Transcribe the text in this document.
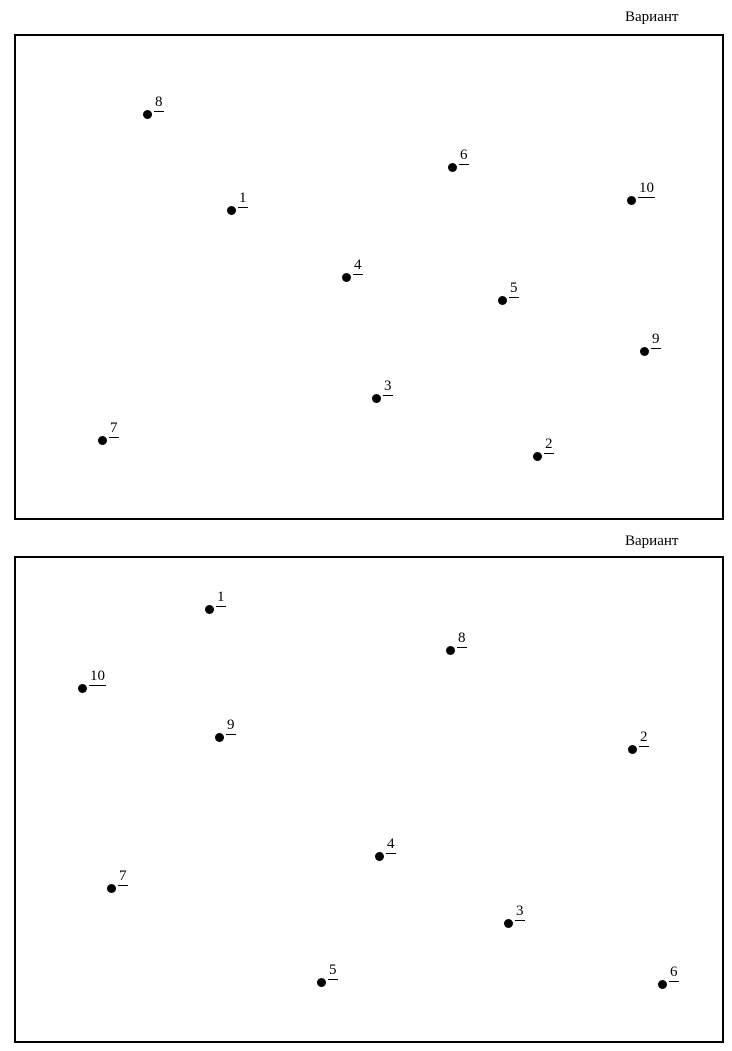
Вариант
8
6
1
10
4
5
9
3
7
2
Вариант
1
8
10
9
2
4
7
3
5	6
